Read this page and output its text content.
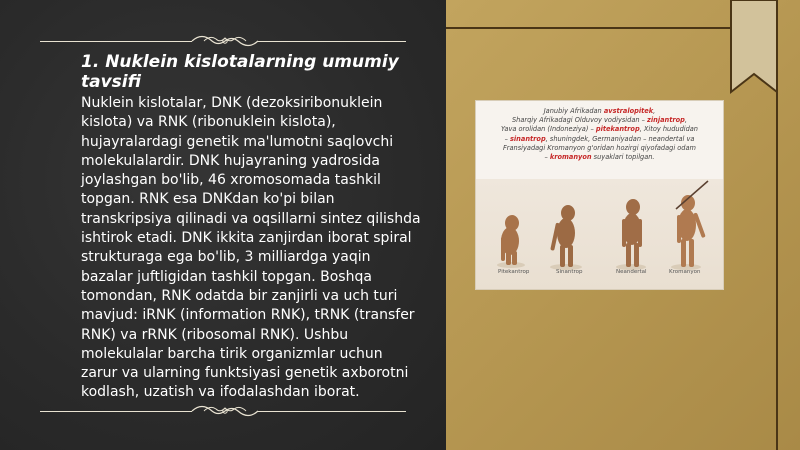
1. Nuklein kislotalarning umumiy tavsifi

Nuklein kislotalar, DNK (dezoksiribonuklein kislota) va RNK (ribonuklein kislota), hujayralardagi genetik ma'lumotni saqlovchi molekulalardir. DNK hujayraning yadrosida joylashgan bo'lib, 46 xromosomada tashkil topgan. RNK esa DNKdan ko'pi bilan transkripsiya qilinadi va oqsillarni sintez qilishda ishtirok etadi. DNK ikkita zanjirdan iborat spiral strukturaga ega bo'lib, 3 milliardga yaqin bazalar juftligidan tashkil topgan. Boshqa tomondan, RNK odatda bir zanjirli va uch turi mavjud: iRNK (information RNK), tRNK (transfer RNK) va rRNK (ribosomal RNK). Ushbu molekulalar barcha tirik organizmlar uchun zarur va ularning funktsiyasi genetik axborotni kodlash, uzatish va ifodalashdan iborat.

Janubiy Afrikadan avstralopitek,
Sharqiy Afrikadagi Olduvoy vodiysidan – zinjantrop,
Yava orolidan (Indoneziya) – pitekantrop, Xitoy hududidan
– sinantrop, shuningdek, Germaniyadan – neandertal va
Fransiyadagi Kromanyon g'oridan hozirgi qiyofadagi odam
– kromanyon suyaklari topilgan.

Pitekantrop	Sinantrop	Neandertal	Kromanyon
